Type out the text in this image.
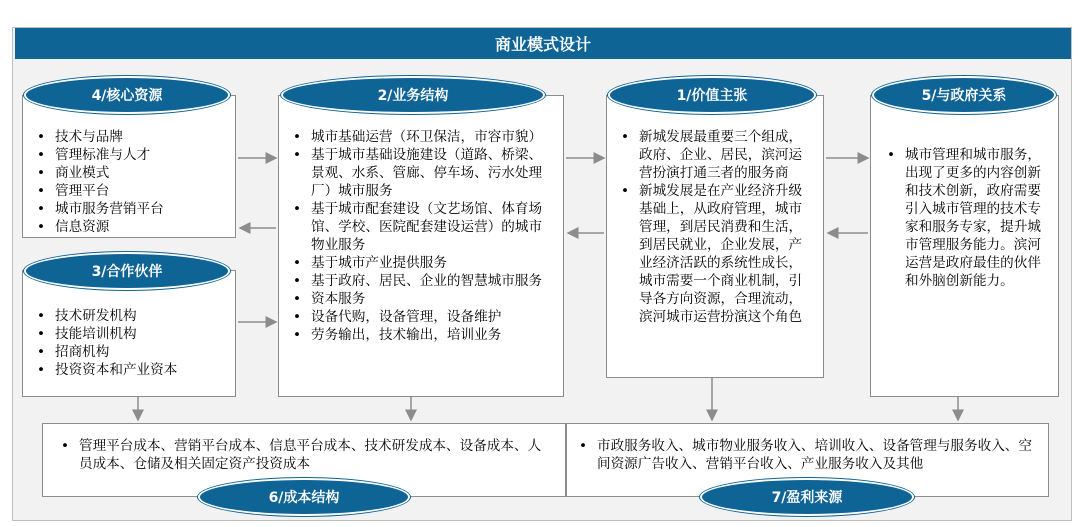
商业模式设计
• 技术与品牌
• 管理标准与人才
• 商业模式
• 管理平台
• 城市服务营销平台
• 信息资源
4/核心资源
• 技术研发机构
• 技能培训机构
• 招商机构
• 投资资本和产业资本
3/合作伙伴
• 城市基础运营（环卫保洁，市容市貌）
• 基于城市基础设施建设（道路、桥梁、景观、水系、管廊、停车场、污水处理厂）城市服务
• 基于城市配套建设（文艺场馆、体育场馆、学校、医院配套建设运营）的城市物业服务
• 基于城市产业提供服务
• 基于政府、居民、企业的智慧城市服务
• 资本服务
• 设备代购，设备管理，设备维护
• 劳务输出，技术输出，培训业务
2/业务结构
• 新城发展最重要三个组成，政府、企业、居民，滨河运营扮演打通三者的服务商
• 新城发展是在产业经济升级基础上，从政府管理，城市管理，到居民消费和生活，到居民就业，企业发展，产业经济活跃的系统性成长，城市需要一个商业机制，引导各方向资源，合理流动，滨河城市运营扮演这个角色
1/价值主张
• 城市管理和城市服务，出现了更多的内容创新和技术创新，政府需要引入城市管理的技术专家和服务专家，提升城市管理服务能力。滨河运营是政府最佳的伙伴和外脑创新能力。
5/与政府关系
• 管理平台成本、营销平台成本、信息平台成本、技术研发成本、设备成本、人员成本、仓储及相关固定资产投资成本
6/成本结构
• 市政服务收入、城市物业服务收入、培训收入、设备管理与服务收入、空间资源广告收入、营销平台收入、产业服务收入及其他
7/盈利来源
